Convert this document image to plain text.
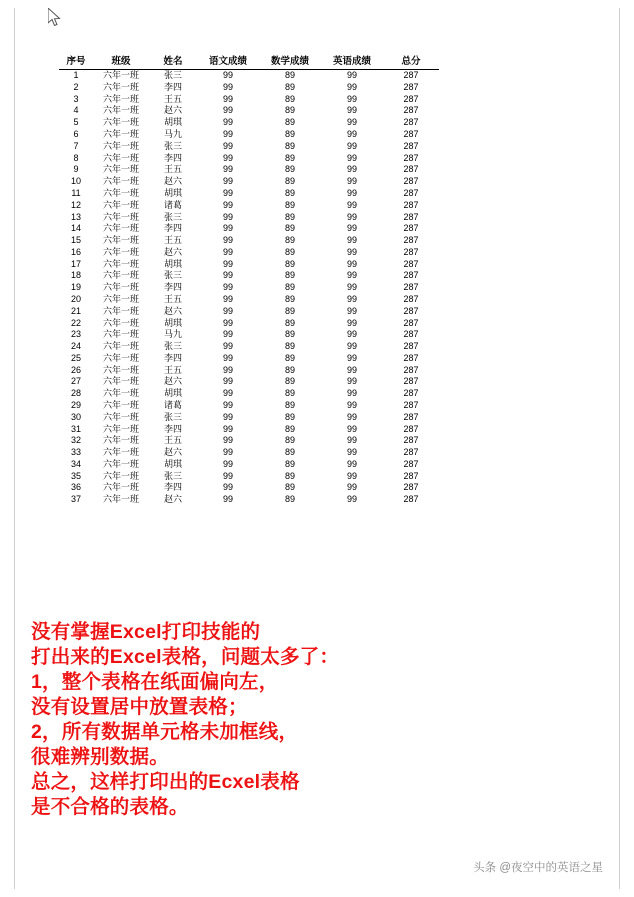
序号	班级	姓名	语文成绩	数学成绩	英语成绩	总分
1	六年一班	张三	99	89	99	287
2	六年一班	李四	99	89	99	287
3	六年一班	王五	99	89	99	287
4	六年一班	赵六	99	89	99	287
5	六年一班	胡琪	99	89	99	287
6	六年一班	马九	99	89	99	287
7	六年一班	张三	99	89	99	287
8	六年一班	李四	99	89	99	287
9	六年一班	王五	99	89	99	287
10	六年一班	赵六	99	89	99	287
11	六年一班	胡琪	99	89	99	287
12	六年一班	诸葛	99	89	99	287
13	六年一班	张三	99	89	99	287
14	六年一班	李四	99	89	99	287
15	六年一班	王五	99	89	99	287
16	六年一班	赵六	99	89	99	287
17	六年一班	胡琪	99	89	99	287
18	六年一班	张三	99	89	99	287
19	六年一班	李四	99	89	99	287
20	六年一班	王五	99	89	99	287
21	六年一班	赵六	99	89	99	287
22	六年一班	胡琪	99	89	99	287
23	六年一班	马九	99	89	99	287
24	六年一班	张三	99	89	99	287
25	六年一班	李四	99	89	99	287
26	六年一班	王五	99	89	99	287
27	六年一班	赵六	99	89	99	287
28	六年一班	胡琪	99	89	99	287
29	六年一班	诸葛	99	89	99	287
30	六年一班	张三	99	89	99	287
31	六年一班	李四	99	89	99	287
32	六年一班	王五	99	89	99	287
33	六年一班	赵六	99	89	99	287
34	六年一班	胡琪	99	89	99	287
35	六年一班	张三	99	89	99	287
36	六年一班	李四	99	89	99	287
37	六年一班	赵六	99	89	99	287
没有掌握Excel打印技能的
打出来的Excel表格，问题太多了：
1，整个表格在纸面偏向左，
没有设置居中放置表格；
2，所有数据单元格未加框线，
很难辨别数据。
总之，这样打印出的Ecxel表格
是不合格的表格。
头条 @夜空中的英语之星
